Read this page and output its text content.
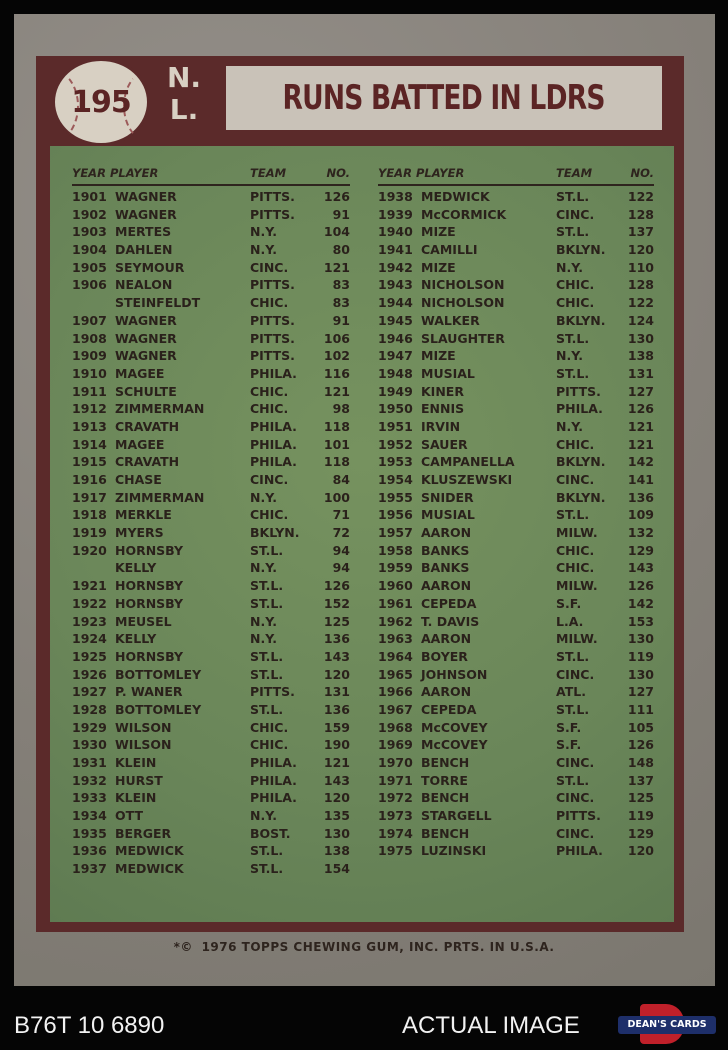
RUNS BATTED IN LDRS
195
N.
L.
YEAR PLAYER	TEAM	NO.
1901 WAGNER	PITTS. 126
1902 WAGNER	PITTS.	91
1903 MERTES	N.Y.	104
1904 DAHLEN	N.Y.	80
1905 SEYMOUR	CINC.	121
1906 NEALON	PITTS.	83
STEINFELDT	CHIC.	83
1907 WAGNER	PITTS.	91
1908 WAGNER	PITTS. 106
1909 WAGNER	PITTS. 102
1910 MAGEE	PHILA. 116
1911 SCHULTE	CHIC.	121
1912 ZIMMERMAN	CHIC.	98
1913 CRAVATH	PHILA. 118
1914 MAGEE	PHILA. 101
1915 CRAVATH	PHILA. 118
1916 CHASE	CINC.	84
1917 ZIMMERMAN	N.Y.	100
1918 MERKLE	CHIC.	71
1919 MYERS	BKLYN.	72
1920 HORNSBY	ST.L.	94
KELLY	N.Y.	94
1921 HORNSBY	ST.L.	126
1922 HORNSBY	ST.L.	152
1923 MEUSEL	N.Y.	125
1924 KELLY	N.Y.	136
1925 HORNSBY	ST.L.	143
1926 BOTTOMLEY	ST.L.	120
1927 P. WANER	PITTS. 131
1928 BOTTOMLEY	ST.L.	136
1929 WILSON	CHIC.	159
1930 WILSON	CHIC.	190
1931 KLEIN	PHILA. 121
1932 HURST	PHILA. 143
1933 KLEIN	PHILA. 120
1934 OTT	N.Y.	135
1935 BERGER	BOST.	130
1936 MEDWICK	ST.L.	138
1937 MEDWICK	ST.L.	154
YEAR PLAYER	TEAM	NO.
1938 MEDWICK	ST.L.	122
1939 McCORMICK	CINC.	128
1940 MIZE	ST.L.	137
1941 CAMILLI	BKLYN. 120
1942 MIZE	N.Y.	110
1943 NICHOLSON	CHIC.	128
1944 NICHOLSON	CHIC.	122
1945 WALKER	BKLYN. 124
1946 SLAUGHTER	ST.L.	130
1947 MIZE	N.Y.	138
1948 MUSIAL	ST.L.	131
1949 KINER	PITTS. 127
1950 ENNIS	PHILA. 126
1951 IRVIN	N.Y.	121
1952 SAUER	CHIC.	121
1953 CAMPANELLA	BKLYN. 142
1954 KLUSZEWSKI	CINC.	141
1955 SNIDER	BKLYN. 136
1956 MUSIAL	ST.L.	109
1957 AARON	MILW. 132
1958 BANKS	CHIC.	129
1959 BANKS	CHIC.	143
1960 AARON	MILW. 126
1961 CEPEDA	S.F.	142
1962 T. DAVIS	L.A.	153
1963 AARON	MILW. 130
1964 BOYER	ST.L.	119
1965 JOHNSON	CINC.	130
1966 AARON	ATL.	127
1967 CEPEDA	ST.L.	111
1968 McCOVEY	S.F.	105
1969 McCOVEY	S.F.	126
1970 BENCH	CINC.	148
1971 TORRE	ST.L.	137
1972 BENCH	CINC.	125
1973 STARGELL	PITTS. 119
1974 BENCH	CINC.	129
1975 LUZINSKI	PHILA. 120
*© 1976 TOPPS CHEWING GUM, INC. PRTS. IN U.S.A.
B76T 10 6890	ACTUAL IMAGE	DEAN'S CARDS
